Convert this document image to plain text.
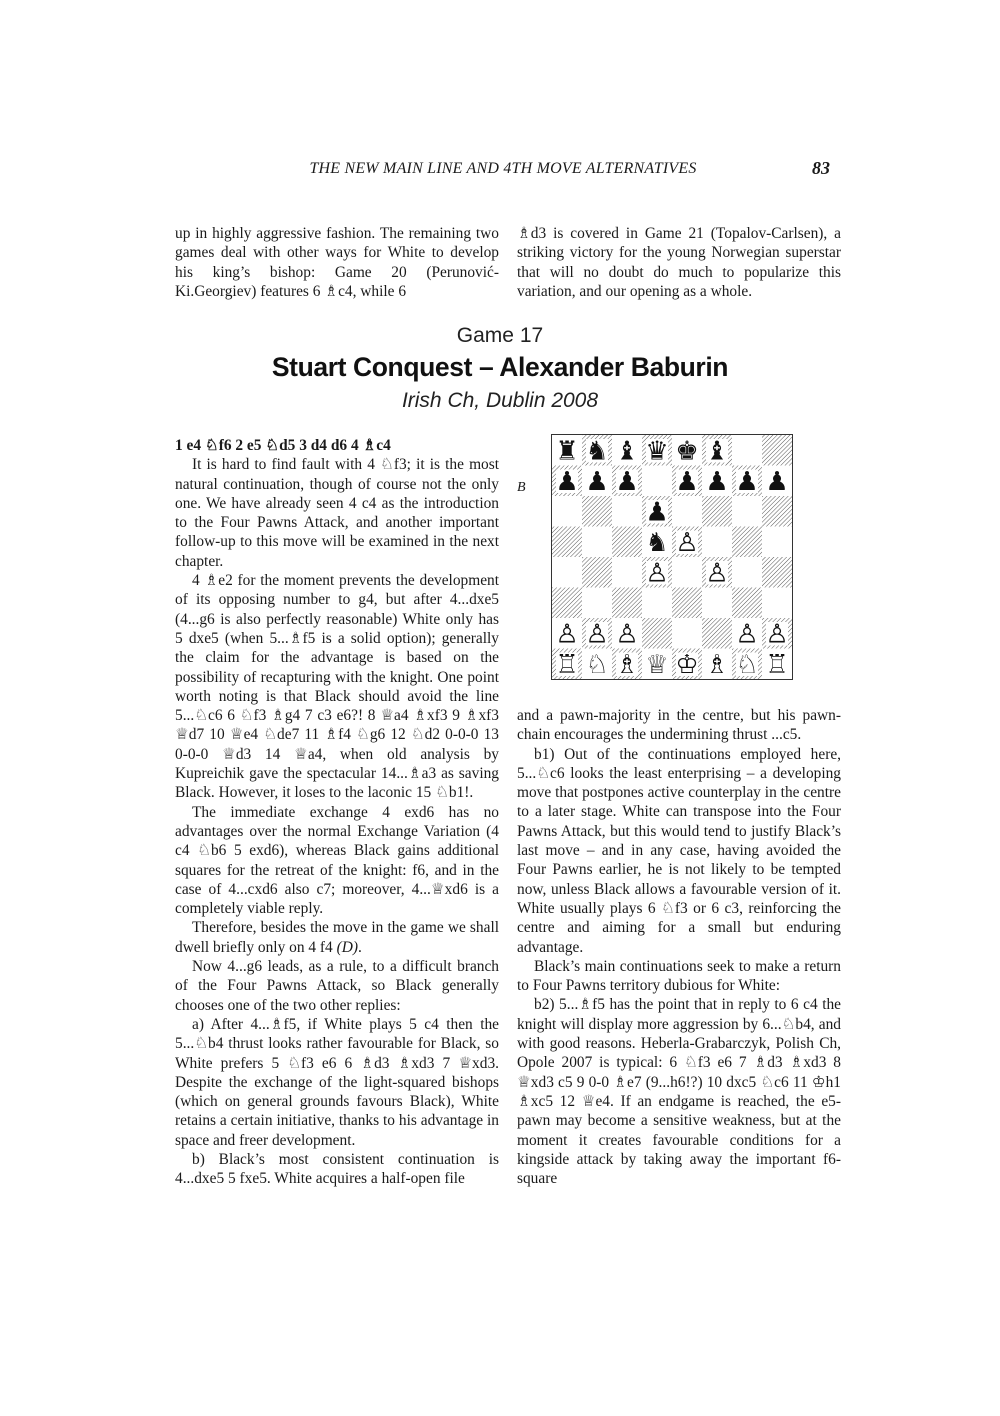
THE NEW MAIN LINE AND 4TH MOVE ALTERNATIVES	83

up in highly aggressive fashion. The remaining two games deal with other ways for White to develop his king’s bishop: Game 20 (Perunović-Ki.Georgiev) features 6 ♗c4, while 6

♗d3 is covered in Game 21 (Topalov-Carlsen), a striking victory for the young Norwegian superstar that will no doubt do much to popularize this variation, and our opening as a whole.

Game 17
Stuart Conquest – Alexander Baburin
Irish Ch, Dublin 2008

1 e4 ♘f6 2 e5 ♘d5 3 d4 d6 4 ♗c4

It is hard to find fault with 4 ♘f3; it is the most natural continuation, though of course not the only one. We have already seen 4 c4 as the introduction to the Four Pawns Attack, and another important follow-up to this move will be examined in the next chapter.

4 ♗e2 for the moment prevents the development of its opposing number to g4, but after 4...dxe5 (4...g6 is also perfectly reasonable) White only has 5 dxe5 (when 5...♗f5 is a solid option); generally the claim for the advantage is based on the possibility of recapturing with the knight. One point worth noting is that Black should avoid the line 5...♘c6 6 ♘f3 ♗g4 7 c3 e6?! 8 ♕a4 ♗xf3 9 ♗xf3 ♕d7 10 ♕e4 ♘de7 11 ♗f4 ♘g6 12 ♘d2 0-0-0 13 0-0-0 ♕d3 14 ♕a4, when old analysis by Kupreichik gave the spectacular 14...♗a3 as saving Black. However, it loses to the laconic 15 ♘b1!.

The immediate exchange 4 exd6 has no advantages over the normal Exchange Variation (4 c4 ♘b6 5 exd6), whereas Black gains additional squares for the retreat of the knight: f6, and in the case of 4...cxd6 also c7; moreover, 4...♕xd6 is a completely viable reply.

Therefore, besides the move in the game we shall dwell briefly only on 4 f4 (D).

Now 4...g6 leads, as a rule, to a difficult branch of the Four Pawns Attack, so Black generally chooses one of the two other replies:

a) After 4...♗f5, if White plays 5 c4 then the 5...♘b4 thrust looks rather favourable for Black, so White prefers 5 ♘f3 e6 6 ♗d3 ♗xd3 7 ♕xd3. Despite the exchange of the light-squared bishops (which on general grounds favours Black), White retains a certain initiative, thanks to his advantage in space and freer development.

b) Black’s most consistent continuation is 4...dxe5 5 fxe5. White acquires a half-open file

B
♜ ♞ ♝ ♛ ♚ ♝
♟ ♟ ♟ ♟ ♟ ♟ ♟
♟
♞ ♙
♙ ♙
♙ ♙ ♙	♙ ♙
♖ ♘ ♗ ♕ ♔ ♗ ♘ ♖

and a pawn-majority in the centre, but his pawn-chain encourages the undermining thrust ...c5.

b1) Out of the continuations employed here, 5...♘c6 looks the least enterprising – a developing move that postpones active counterplay in the centre to a later stage. White can transpose into the Four Pawns Attack, but this would tend to justify Black’s last move – and in any case, having avoided the Four Pawns earlier, he is not likely to be tempted now, unless Black allows a favourable version of it. White usually plays 6 ♘f3 or 6 c3, reinforcing the centre and aiming for a small but enduring advantage.

Black’s main continuations seek to make a return to Four Pawns territory dubious for White:

b2) 5...♗f5 has the point that in reply to 6 c4 the knight will display more aggression by 6...♘b4, and with good reasons. Heberla-Grabarczyk, Polish Ch, Opole 2007 is typical: 6 ♘f3 e6 7 ♗d3 ♗xd3 8 ♕xd3 c5 9 0-0 ♗e7 (9...h6!?) 10 dxc5 ♘c6 11 ♔h1 ♗xc5 12 ♕e4. If an endgame is reached, the e5-pawn may become a sensitive weakness, but at the moment it creates favourable conditions for a kingside attack by taking away the important f6-square
